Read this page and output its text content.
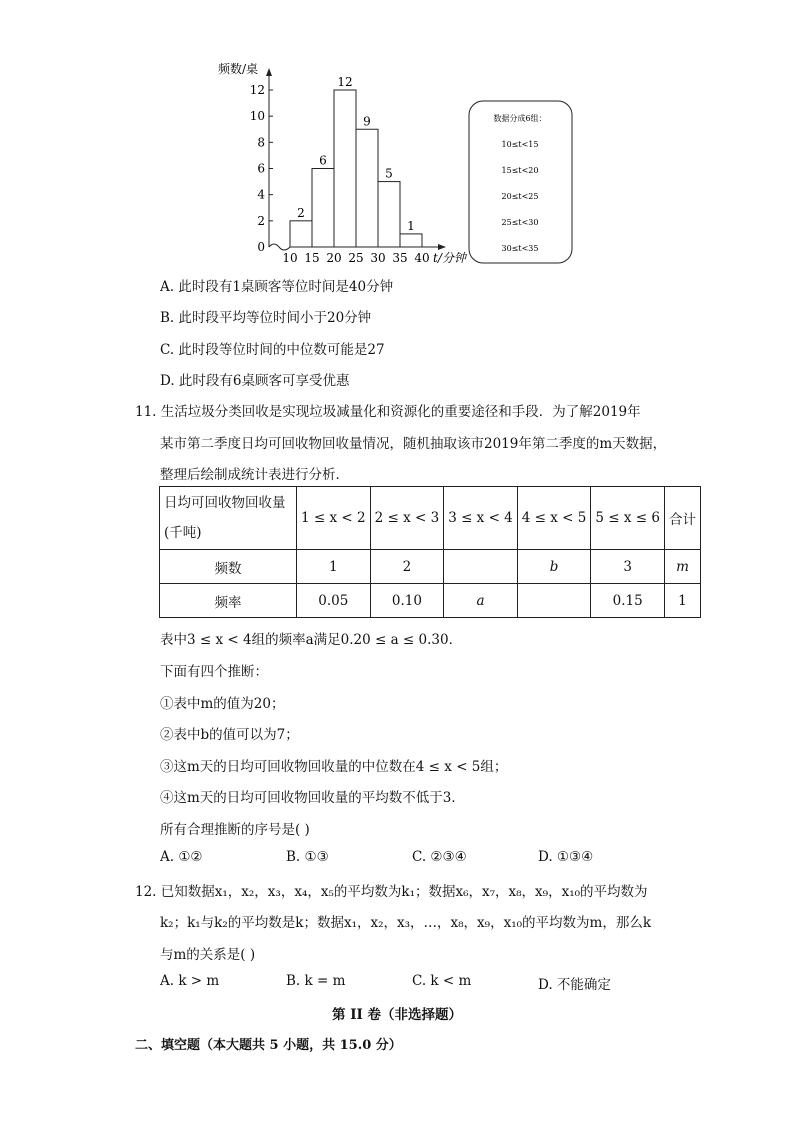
0
2
4
6
8
10
12
10 15 20 25 30 35 40
2
6
12
9
5
1
频数/桌
t/分钟
数据分成6组：
10≤t<15
15≤t<20
20≤t<25
25≤t<30
30≤t<35
A. 此时段有1桌顾客等位时间是40分钟
B. 此时段平均等位时间小于20分钟
C. 此时段等位时间的中位数可能是27
D. 此时段有6桌顾客可享受优惠
11. 生活垃圾分类回收是实现垃圾减量化和资源化的重要途径和手段．为了解2019年
某市第二季度日均可回收物回收量情况，随机抽取该市2019年第二季度的m天数据，
整理后绘制成统计表进行分析．
日均可回收物回收量(千吨)	1 ≤ x < 2	2 ≤ x < 3	3 ≤ x < 4	4 ≤ x < 5	5 ≤ x ≤ 6	合计
频数	1	2		b	3	m
频率	0.05	0.10	a		0.15	1
表中3 ≤ x < 4组的频率a满足0.20 ≤ a ≤ 0.30．
下面有四个推断：
①表中m的值为20；
②表中b的值可以为7；
③这m天的日均可回收物回收量的中位数在4 ≤ x < 5组；
④这m天的日均可回收物回收量的平均数不低于3．
所有合理推断的序号是( )
A. ①②	B. ①③	C. ②③④	D. ①③④
12. 已知数据x₁，x₂，x₃，x₄，x₅的平均数为k₁；数据x₆，x₇，x₈，x₉，x₁₀的平均数为
k₂；k₁与k₂的平均数是k；数据x₁，x₂，x₃，…，x₈，x₉，x₁₀的平均数为m，那么k
与m的关系是( )
A. k > m	B. k = m	C. k < m	D. 不能确定
第 II 卷（非选择题）
二、填空题（本大题共 5 小题，共 15.0 分）
